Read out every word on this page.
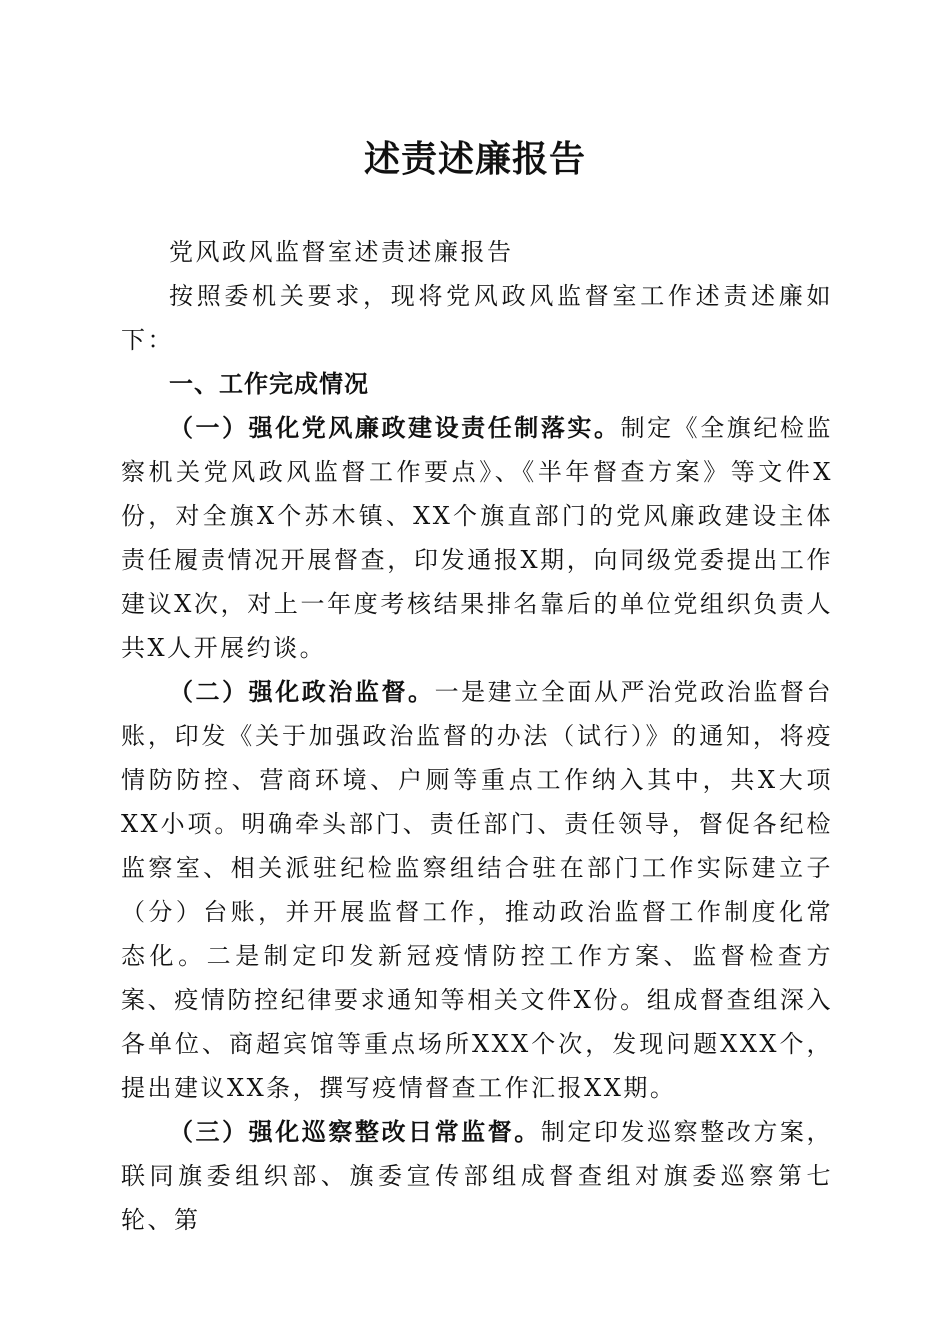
述责述廉报告

党风政风监督室述责述廉报告

按照委机关要求，现将党风政风监督室工作述责述廉如下：

一、工作完成情况

（一）强化党风廉政建设责任制落实。制定《全旗纪检监察机关党风政风监督工作要点》、《半年督查方案》等文件X份，对全旗X个苏木镇、XX个旗直部门的党风廉政建设主体责任履责情况开展督查，印发通报X期，向同级党委提出工作建议X次，对上一年度考核结果排名靠后的单位党组织负责人共X人开展约谈。

（二）强化政治监督。一是建立全面从严治党政治监督台账，印发《关于加强政治监督的办法（试行）》的通知，将疫情防防控、营商环境、户厕等重点工作纳入其中，共X大项XX小项。明确牵头部门、责任部门、责任领导，督促各纪检监察室、相关派驻纪检监察组结合驻在部门工作实际建立子（分）台账，并开展监督工作，推动政治监督工作制度化常态化。二是制定印发新冠疫情防控工作方案、监督检查方案、疫情防控纪律要求通知等相关文件X份。组成督查组深入各单位、商超宾馆等重点场所XXX个次，发现问题XXX个，提出建议XX条，撰写疫情督查工作汇报XX期。

（三）强化巡察整改日常监督。制定印发巡察整改方案，联同旗委组织部、旗委宣传部组成督查组对旗委巡察第七轮、第
